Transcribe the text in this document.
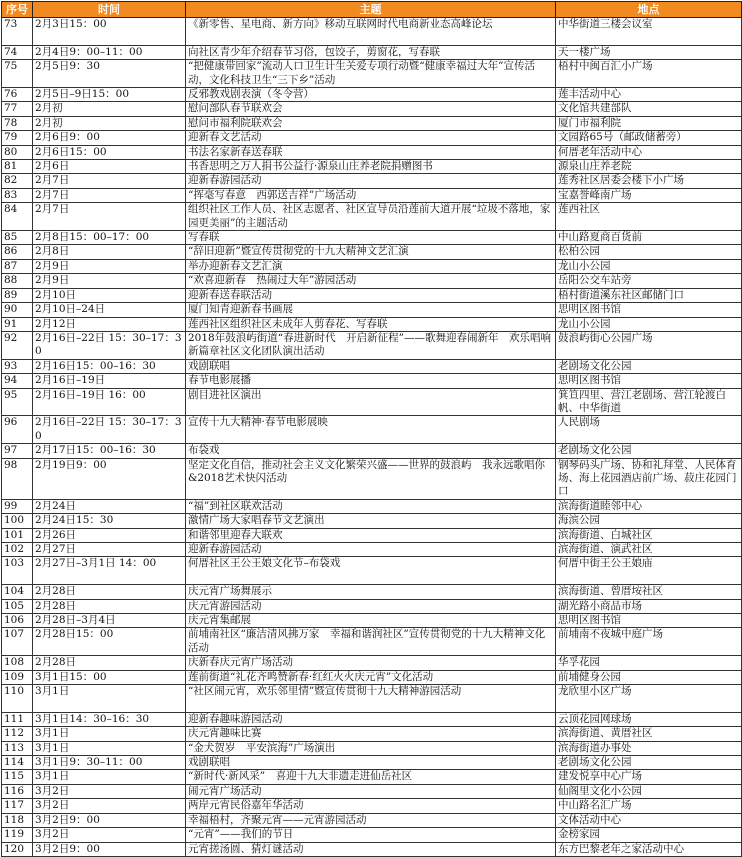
序号	时间	主题	地点
73	2月3日15：00	《新零售、星电商、新方向》移动互联网时代电商新业态高峰论坛	中华街道三楼会议室
74	2月4日9：00–11：00	向社区青少年介绍春节习俗，包饺子，剪窗花，写春联	天一楼广场
75	2月5日9：30	“把健康带回家”流动人口卫生计生关爱专项行动暨“健康幸福过大年”宣传活动，文化科技卫生“三下乡”活动	梧村中闽百汇小广场
76	2月5日–9日15：00	反邪教戏剧表演（冬令营）	莲丰活动中心
77	2月初	慰问部队春节联欢会	文化馆共建部队
78	2月初	慰问市福利院联欢会	厦门市福利院
79	2月6日9：00	迎新春文艺活动	文园路65号（邮政储蓄旁）
80	2月6日15：00	书法名家新春送春联	何厝老年活动中心
81	2月6日	书香思明之万人捐书公益行·源泉山庄养老院捐赠图书	源泉山庄养老院
82	2月7日	迎新春游园活动	莲秀社区居委会楼下小广场
83	2月7日	“挥毫写春意　西郭送吉祥”广场活动	宝嘉誉峰南广场
84	2月7日	组织社区工作人员、社区志愿者、社区宣导员沿莲前大道开展“垃圾不落地，家园更美丽”的主题活动	莲西社区
85	2月8日15：00–17：00	写春联	中山路夏商百货前
86	2月8日	“辞旧迎新”暨宣传贯彻党的十九大精神文艺汇演	松柏公园
87	2月9日	举办迎新春文艺汇演	龙山小公园
88	2月9日	“欢喜迎新春　热闹过大年”游园活动	岳阳公交车站旁
89	2月10日	迎新春送春联活动	梧村街道溪东社区邮储门口
90	2月10日–24日	厦门知青迎新春书画展	思明区图书馆
91	2月12日	莲西社区组织社区未成年人剪春花、写春联	龙山小公园
92	2月16日–22日 15：30–17：30	2018年鼓浪屿街道“春进新时代　开启新征程”——歌舞迎春闹新年　欢乐唱响新篇章社区文化团队演出活动	鼓浪屿街心公园广场
93	2月16日15：00–16：30	戏剧联唱	老剧场文化公园
94	2月16日–19日	春节电影展播	思明区图书馆
95	2月16日–19日 16：00	剧目进社区演出	箕笪四里、营江老剧场、营江轮渡白帆、中华街道
96	2月16日–22日 15：30–17：30	宣传十九大精神·春节电影展映	人民剧场
97	2月17日15：00–16：30	布袋戏	老剧场文化公园
98	2月19日9：00	坚定文化自信，推动社会主义文化繁荣兴盛——世界的鼓浪屿　我永远歌唱你&2018艺术快闪活动	钢琴码头广场、协和礼拜堂、人民体育场、海上花园酒店前广场、菽庄花园门口
99	2月24日	“福”到社区联欢活动	滨海街道睦邻中心
100	2月24日15：30	激情广场大家唱春节文艺演出	海滨公园
101	2月26日	和谐邻里迎春大联欢	滨海街道、白城社区
102	2月27日	迎新春游园活动	滨海街道、演武社区
103	2月27日–3月1日 14：00	何厝社区王公王娘文化节–布袋戏	何厝中街王公王娘庙
104	2月28日	庆元宵广场舞展示	滨海街道、曾厝垵社区
105	2月28日	庆元宵游园活动	湖光路小商品市场
106	2月28日–3月4日	庆元宵集邮展	思明区图书馆
107	2月28日15：00	前埔南社区“廉洁清风拂万家　幸福和谐润社区”宣传贯彻党的十九大精神文化活动	前埔南不夜城中庭广场
108	2月28日	庆新春庆元宵广场活动	华孚花园
109	3月1日15：00	莲前街道“礼花齐鸣赞新春·红红火火庆元宵”文化活动	前埔健身公园
110	3月1日	“社区闹元宵，欢乐邻里情”暨宣传贯彻十九大精神游园活动	龙欣里小区广场
111	3月1日14：30–16：30	迎新春趣味游园活动	云顶花园网球场
112	3月1日	庆元宵趣味比赛	滨海街道、黄厝社区
113	3月1日	“金犬贺岁　平安滨海”广场演出	滨海街道办事处
114	3月1日9：30–11：00	戏剧联唱	老剧场文化公园
115	3月1日	“新时代·新风采”　喜迎十九大非遗走进仙岳社区	建发悦享中心广场
116	3月2日	闹元宵广场活动	仙阁里文化小公园
117	3月2日	两岸元宵民俗嘉年华活动	中山路名汇广场
118	3月2日9：00	幸福梧村，齐聚元宵——元宵游园活动	文体活动中心
119	3月2日	“元宵”——我们的节日	金榜家园
120	3月2日9：00	元宵搓汤圆、猜灯谜活动	东方巴黎老年之家活动中心
